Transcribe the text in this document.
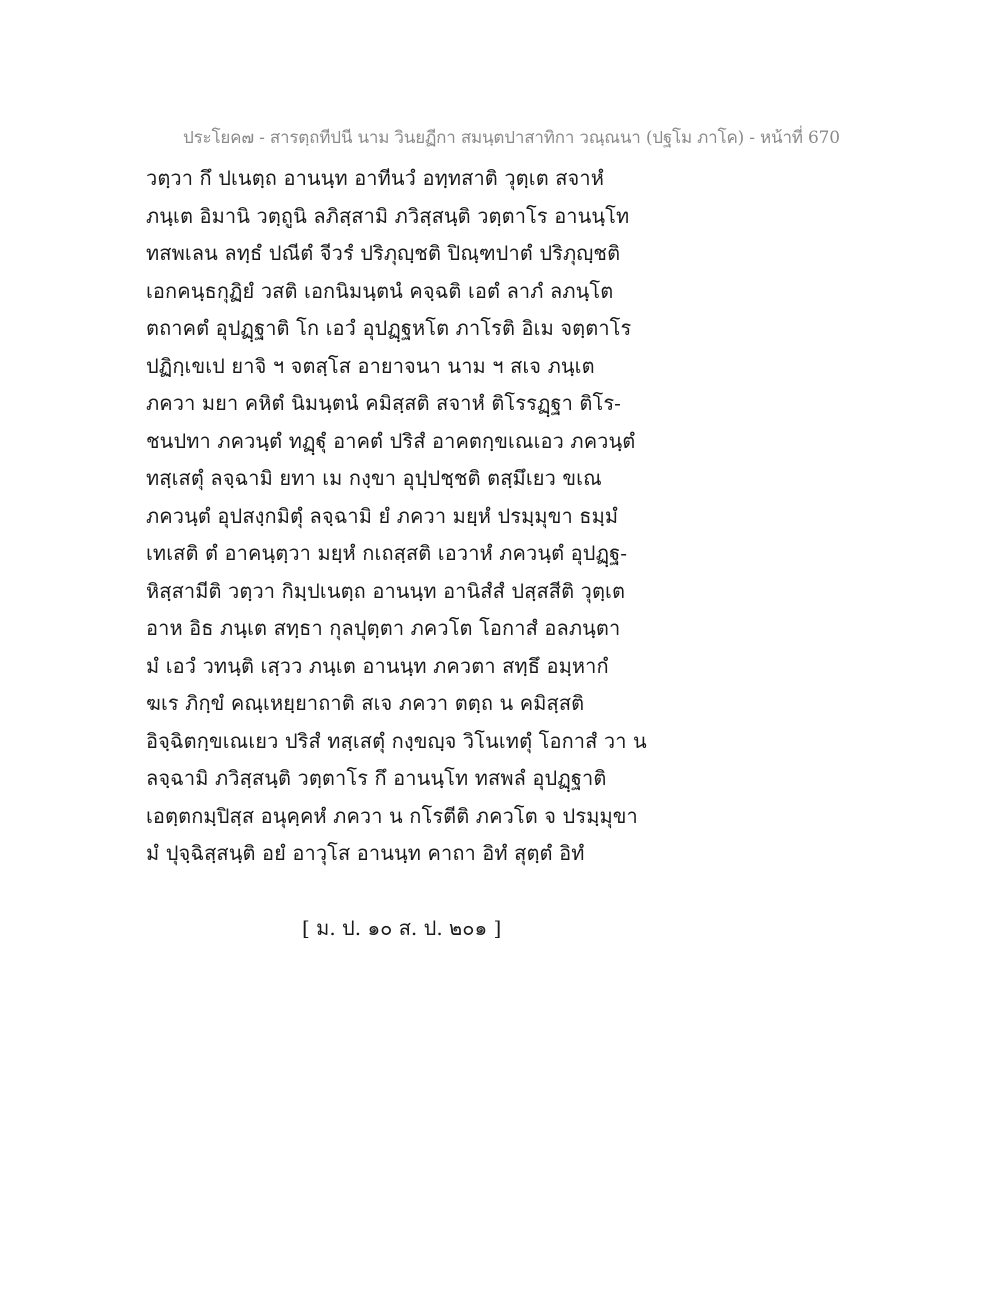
ประโยค๗ - สารตฺถทีปนี นาม วินยฏีกา สมนฺตปาสาทิกา วณฺณนา (ปฐโม ภาโค) - หน้าที่ 670
วตฺวา กึ ปเนตฺถ อานนฺท อาทีนวํ อทฺทสาติ วุตฺเต สจาหํ
ภนฺเต อิมานิ วตฺถูนิ ลภิสฺสามิ ภวิสฺสนฺติ วตฺตาโร อานนฺโท
ทสพเลน ลทฺธํ ปณีตํ จีวรํ ปริภุญฺชติ ปิณฺฑปาตํ ปริภุญฺชติ
เอกคนฺธกุฏิยํ วสติ เอกนิมนฺตนํ คจฺฉติ เอตํ ลาภํ ลภนฺโต
ตถาคตํ อุปฏฺฐาติ โก เอวํ อุปฏฺฐหโต ภาโรติ อิเม จตฺตาโร
ปฏิกฺเขเป ยาจิ ฯ จตสฺโส อายาจนา นาม ฯ สเจ ภนฺเต
ภควา มยา คหิตํ นิมนฺตนํ คมิสฺสติ สจาหํ ติโรรฏฺฐา ติโร-
ชนปทา ภควนฺตํ ทฏฺฐุํ อาคตํ ปริสํ อาคตกฺขเณเอว ภควนฺตํ
ทสฺเสตุํ ลจฺฉามิ ยทา เม กงฺขา อุปฺปชฺชติ ตสฺมึเยว ขเณ
ภควนฺตํ อุปสงฺกมิตุํ ลจฺฉามิ ยํ ภควา มยฺหํ ปรมฺมุขา ธมฺมํ
เทเสติ ตํ อาคนฺตฺวา มยฺหํ กเถสฺสติ เอวาหํ ภควนฺตํ อุปฏฺฐ-
หิสฺสามีติ วตฺวา กิมฺปเนตฺถ อานนฺท อานิสํสํ ปสฺสสีติ วุตฺเต
อาห อิธ ภนฺเต สทฺธา กุลปุตฺตา ภควโต โอกาสํ อลภนฺตา
มํ เอวํ วทนฺติ เสฺวว ภนฺเต อานนฺท ภควตา สทฺธึ อมฺหากํ
ฆเร ภิกฺขํ คณฺเหยฺยาถาติ สเจ ภควา ตตฺถ น คมิสฺสติ
อิจฺฉิตกฺขเณเยว ปริสํ ทสฺเสตุํ กงฺขญฺจ วิโนเทตุํ โอกาสํ วา น
ลจฺฉามิ ภวิสฺสนฺติ วตฺตาโร กึ อานนฺโท ทสพลํ อุปฏฺฐาติ
เอตฺตกมฺปิสฺส อนุคฺคหํ ภควา น กโรตีติ ภควโต จ ปรมฺมุขา
มํ ปุจฺฉิสฺสนฺติ อยํ อาวุโส อานนฺท คาถา อิทํ สุตฺตํ อิทํ
[ ม. ป. ๑๐ ส. ป. ๒๐๑ ]
